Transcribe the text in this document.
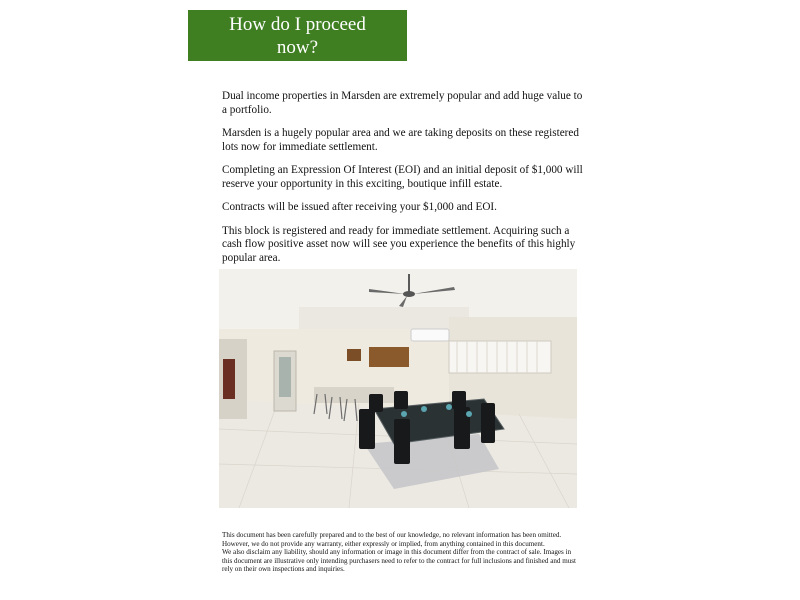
How do I proceed now?

Dual income properties in Marsden are extremely popular and add huge value to a portfolio.

Marsden is a hugely popular area and we are taking deposits on these registered lots now for immediate settlement.

Completing an Expression Of Interest (EOI) and an initial deposit of $1,000 will reserve your opportunity in this exciting, boutique infill estate.

Contracts will be issued after receiving your $1,000 and EOI.

This block is registered and ready for immediate settlement. Acquiring such a cash flow positive asset now will see you experience the benefits of this highly popular area.

This document has been carefully prepared and to the best of our knowledge, no relevant information has been omitted.
However, we do not provide any warranty, either expressly or implied, from anything contained in this document.
We also disclaim any liability, should any information or image in this document differ from the contract of sale. Images in this document are illustrative only intending purchasers need to refer to the contract for full inclusions and finished and must rely on their own inspections and inquiries.
